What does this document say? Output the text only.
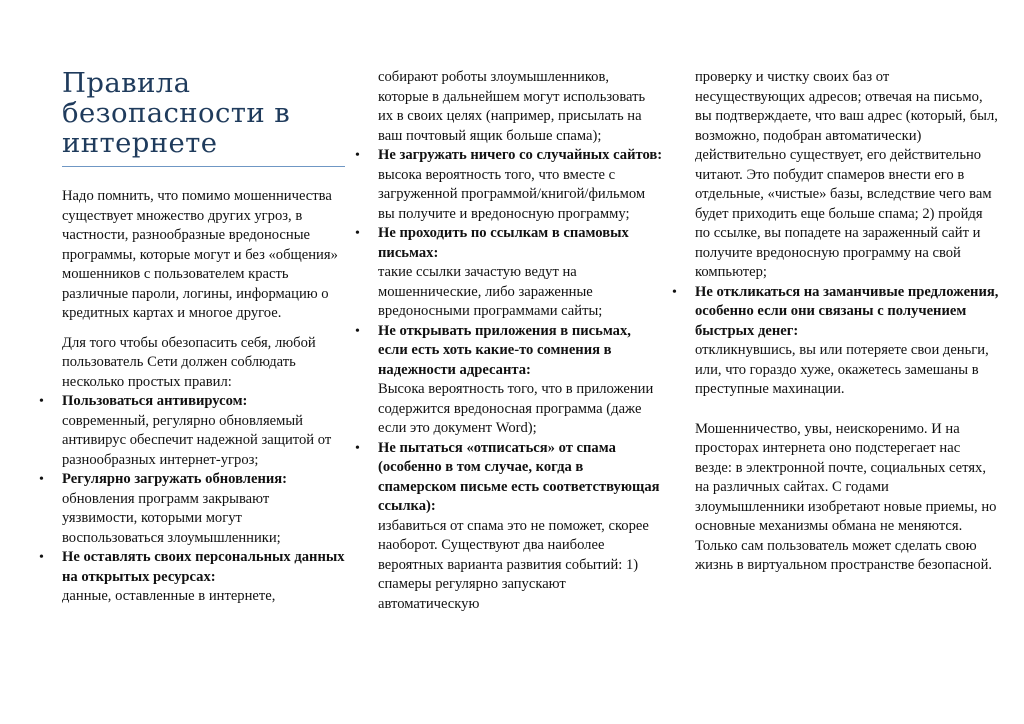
Правила безопасности в интернете

Надо помнить, что помимо мошенничества существует множество других угроз, в частности, разнообразные вредоносные программы, которые могут и без «общения» мошенников с пользователем красть различные пароли, логины, информацию о кредитных картах и многое другое.

Для того чтобы обезопасить себя, любой пользователь Сети должен соблюдать несколько простых правил:

• Пользоваться антивирусом:
современный, регулярно обновляемый антивирус обеспечит надежной защитой от разнообразных интернет-угроз;
• Регулярно загружать обновления:
обновления программ закрывают уязвимости, которыми могут воспользоваться злоумышленники;
• Не оставлять своих персональных данных на открытых ресурсах:
данные, оставленные в интернете,

собирают роботы злоумышленников, которые в дальнейшем могут использовать их в своих целях (например, присылать на ваш почтовый ящик больше спама);

• Не загружать ничего со случайных сайтов:
высока вероятность того, что вместе с загруженной программой/книгой/фильмом вы получите и вредоносную программу;
• Не проходить по ссылкам в спамовых письмах:
такие ссылки зачастую ведут на мошеннические, либо зараженные вредоносными программами сайты;
• Не открывать приложения в письмах, если есть хоть какие-то сомнения в надежности адресанта:
Высока вероятность того, что в приложении содержится вредоносная программа (даже если это документ Word);
• Не пытаться «отписаться» от спама (особенно в том случае, когда в спамерском письме есть соответствующая ссылка):
избавиться от спама это не поможет, скорее наоборот. Существуют два наиболее вероятных варианта развития событий: 1) спамеры регулярно запускают автоматическую

проверку и чистку своих баз от несуществующих адресов; отвечая на письмо, вы подтверждаете, что ваш адрес (который, был, возможно, подобран автоматически) действительно существует, его действительно читают. Это побудит спамеров внести его в отдельные, «чистые» базы, вследствие чего вам будет приходить еще больше спама; 2) пройдя по ссылке, вы попадете на зараженный сайт и получите вредоносную программу на свой компьютер;

• Не откликаться на заманчивые предложения, особенно если они связаны с получением быстрых денег:
откликнувшись, вы или потеряете свои деньги, или, что гораздо хуже, окажетесь замешаны в преступные махинации.

Мошенничество, увы, неискоренимо. И на просторах интернета оно подстерегает нас везде: в электронной почте, социальных сетях, на различных сайтах. С годами злоумышленники изобретают новые приемы, но основные механизмы обмана не меняются. Только сам пользователь может сделать свою жизнь в виртуальном пространстве безопасной.
